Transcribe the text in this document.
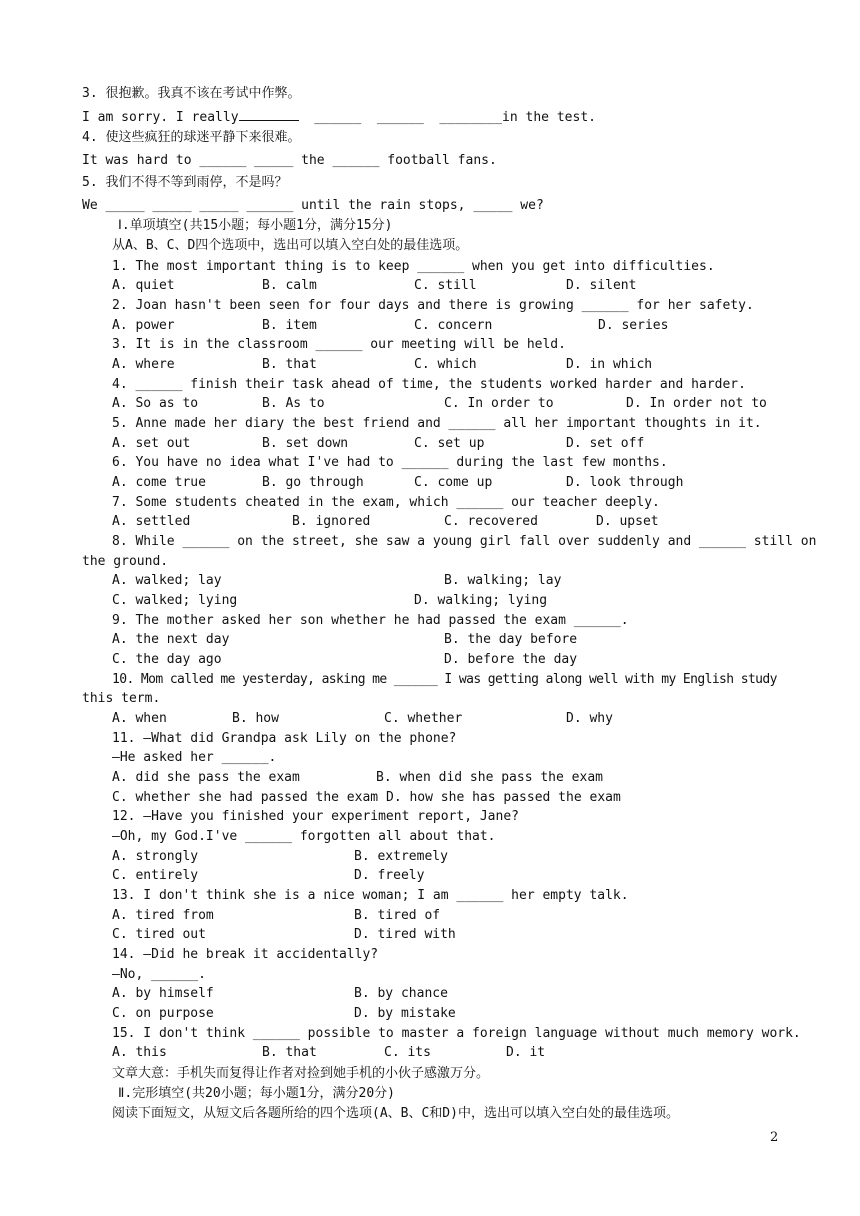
3. 很抱歉。我真不该在考试中作弊。
I am sorry. I really	______  ______  ________in the test.
4. 使这些疯狂的球迷平静下来很难。
It was hard to ______ _____ the ______ football fans.
5. 我们不得不等到雨停，不是吗？
We _____ _____ _____ ______ until the rain stops, _____ we?
Ⅰ.单项填空(共15小题；每小题1分，满分15分)
从A、B、C、D四个选项中，选出可以填入空白处的最佳选项。
1. The most important thing is to keep ______ when you get into difficulties.
A. quiet	B. calm	C. still	D. silent
2. Joan hasn't been seen for four days and there is growing ______ for her safety.
A. power	B. item	C. concern	D. series
3. It is in the classroom ______ our meeting will be held.
A. where	B. that	C. which	D. in which
4. ______ finish their task ahead of time, the students worked harder and harder.
A. So as to	B. As to	C. In order to	D. In order not to
5. Anne made her diary the best friend and ______ all her important thoughts in it.
A. set out	B. set down	C. set up	D. set off
6. You have no idea what I've had to ______ during the last few months.
A. come true	B. go through	C. come up	D. look through
7. Some students cheated in the exam, which ______ our teacher deeply.
A. settled	B. ignored	C. recovered	D. upset
8. While ______ on the street, she saw a young girl fall over suddenly and ______ still on
the ground.
A. walked; lay	B. walking; lay
C. walked; lying	D. walking; lying
9. The mother asked her son whether he had passed the exam ______.
A. the next day	B. the day before
C. the day ago	D. before the day
10. Mom called me yesterday, asking me ______ I was getting along well with my English study
this term.
A. when	B. how	C. whether	D. why
11. —What did Grandpa ask Lily on the phone?
—He asked her ______.
A. did she pass the exam	B. when did she pass the exam
C. whether she had passed the exam D. how she has passed the exam
12. —Have you finished your experiment report, Jane?
—Oh, my God.I've ______ forgotten all about that.
A. strongly	B. extremely
C. entirely	D. freely
13. I don't think she is a nice woman; I am ______ her empty talk.
A. tired from	B. tired of
C. tired out	D. tired with
14. —Did he break it accidentally?
—No, ______.
A. by himself	B. by chance
C. on purpose	D. by mistake
15. I don't think ______ possible to master a foreign language without much memory work.
A. this	B. that	C. its	D. it
文章大意：手机失而复得让作者对捡到她手机的小伙子感激万分。
Ⅱ.完形填空(共20小题；每小题1分，满分20分)
阅读下面短文，从短文后各题所给的四个选项(A、B、C和D)中，选出可以填入空白处的最佳选项。
2
